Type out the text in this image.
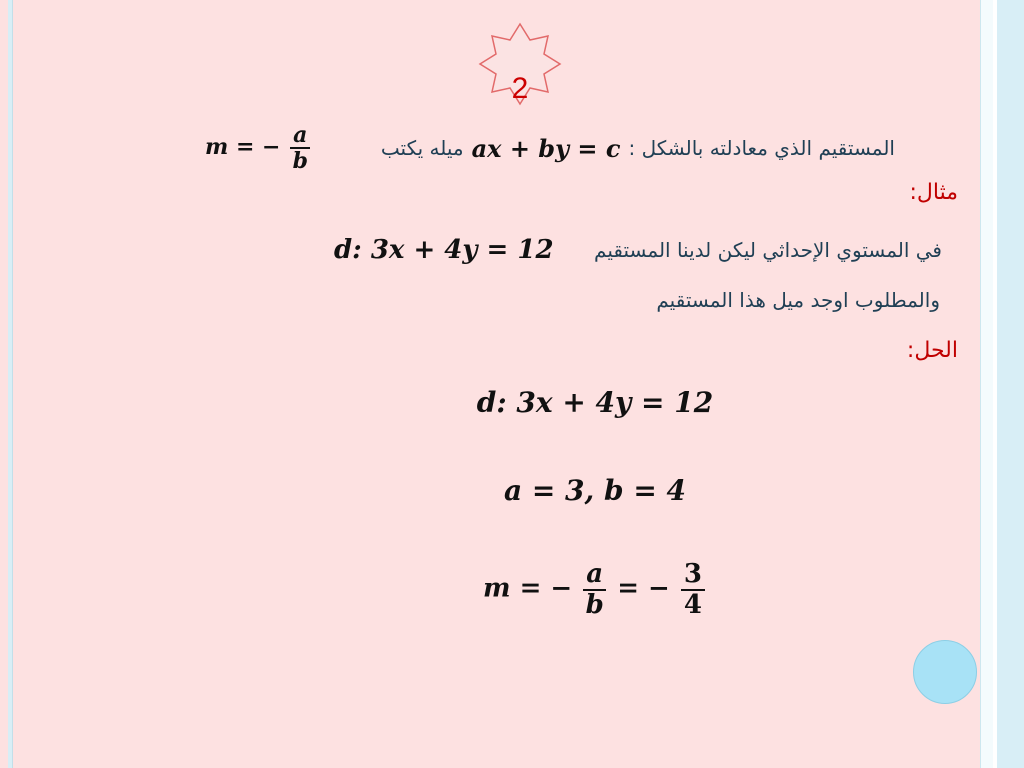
2
m = − $\frac{a}{b}$	المستقيم الذي معادلته بالشكل :
ax + by = c
ميله يكتب
مثال:
d: 3x + 4y = 12 في المستوي الإحداثي ليكن لدينا المستقيم
والمطلوب اوجد ميل هذا المستقيم
الحل:
d: 3x + 4y = 12
a = 3, b = 4
m = − $\frac{a}{b}$ = − $\frac{3}{4}$
